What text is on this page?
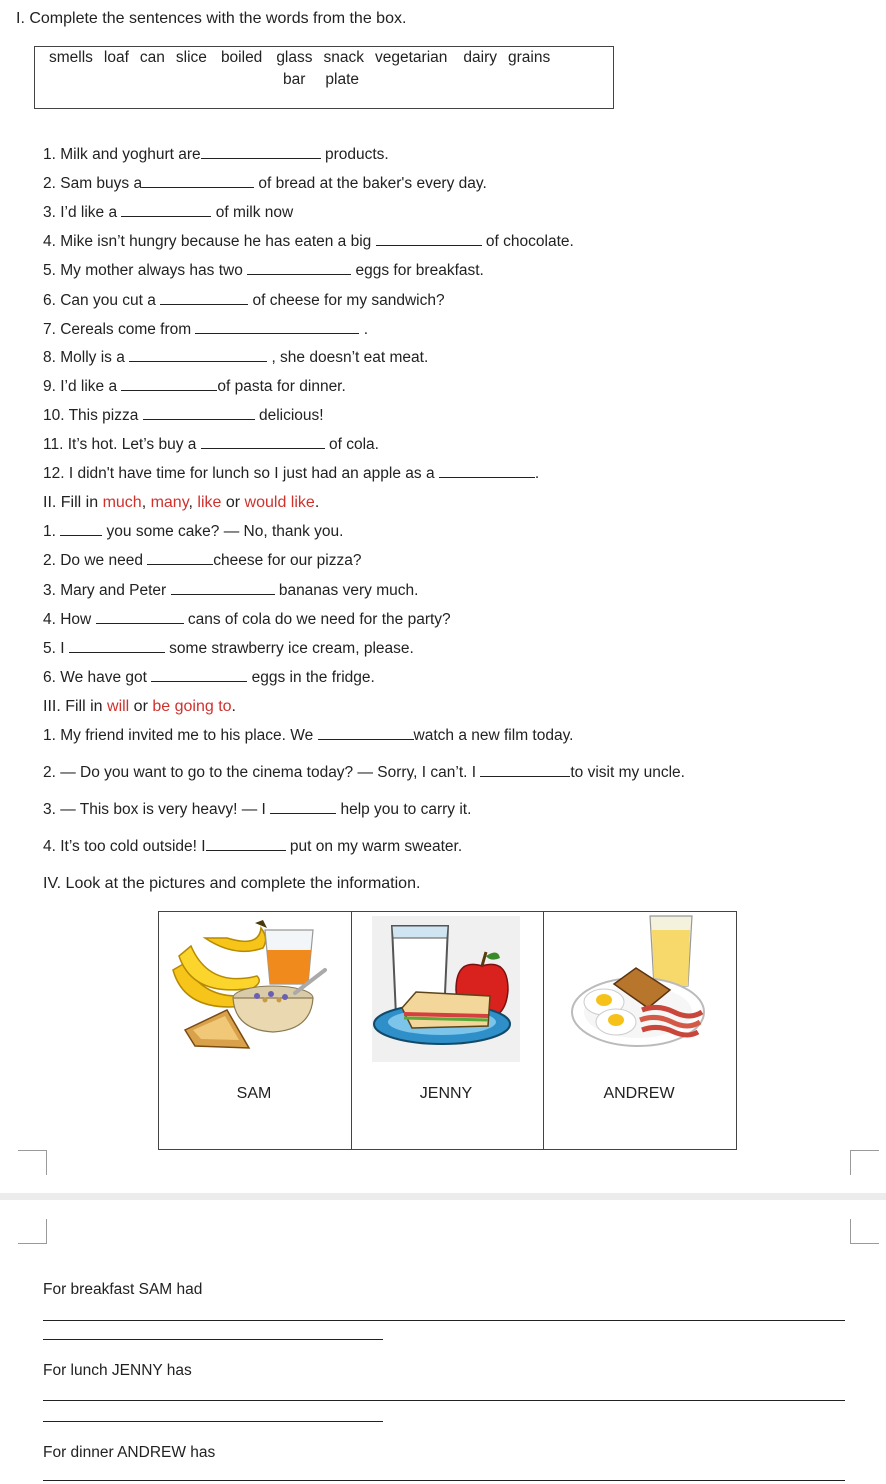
I. Complete the sentences with the words from the box.
smells loaf can slice boiled glass snack vegetarian dairy grains
bar plate
1. Milk and yoghurt are	products.
2. Sam buys a	of bread at the baker's every day.
3. I’d like a	of milk now
4. Mike isn’t hungry because he has eaten a big	of chocolate.
5. My mother always has two	eggs for breakfast.
6. Can you cut a	of cheese for my sandwich?
7. Cereals come from	.
8. Molly is a	, she doesn’t eat meat.
9. I’d like a	of pasta for dinner.
10. This pizza	delicious!
11. It’s hot. Let’s buy a	of cola.
12. I didn't have time for lunch so I just had an apple as a	.
II. Fill in much, many, like or would like.
1.	you some cake? — No, thank you.
2. Do we need	cheese for our pizza?
3. Mary and Peter	bananas very much.
4. How	cans of cola do we need for the party?
5. I	some strawberry ice cream, please.
6. We have got	eggs in the fridge.
III. Fill in will or be going to.
1. My friend invited me to his place. We	watch a new film today.
2. — Do you want to go to the cinema today? — Sorry, I can’t. I	to visit my uncle.
3. — This box is very heavy! — I	help you to carry it.
4. It’s too cold outside! I	put on my warm sweater.
IV. Look at the pictures and complete the information.
SAM	JENNY	ANDREW
For breakfast SAM had
For lunch JENNY has
For dinner ANDREW has
